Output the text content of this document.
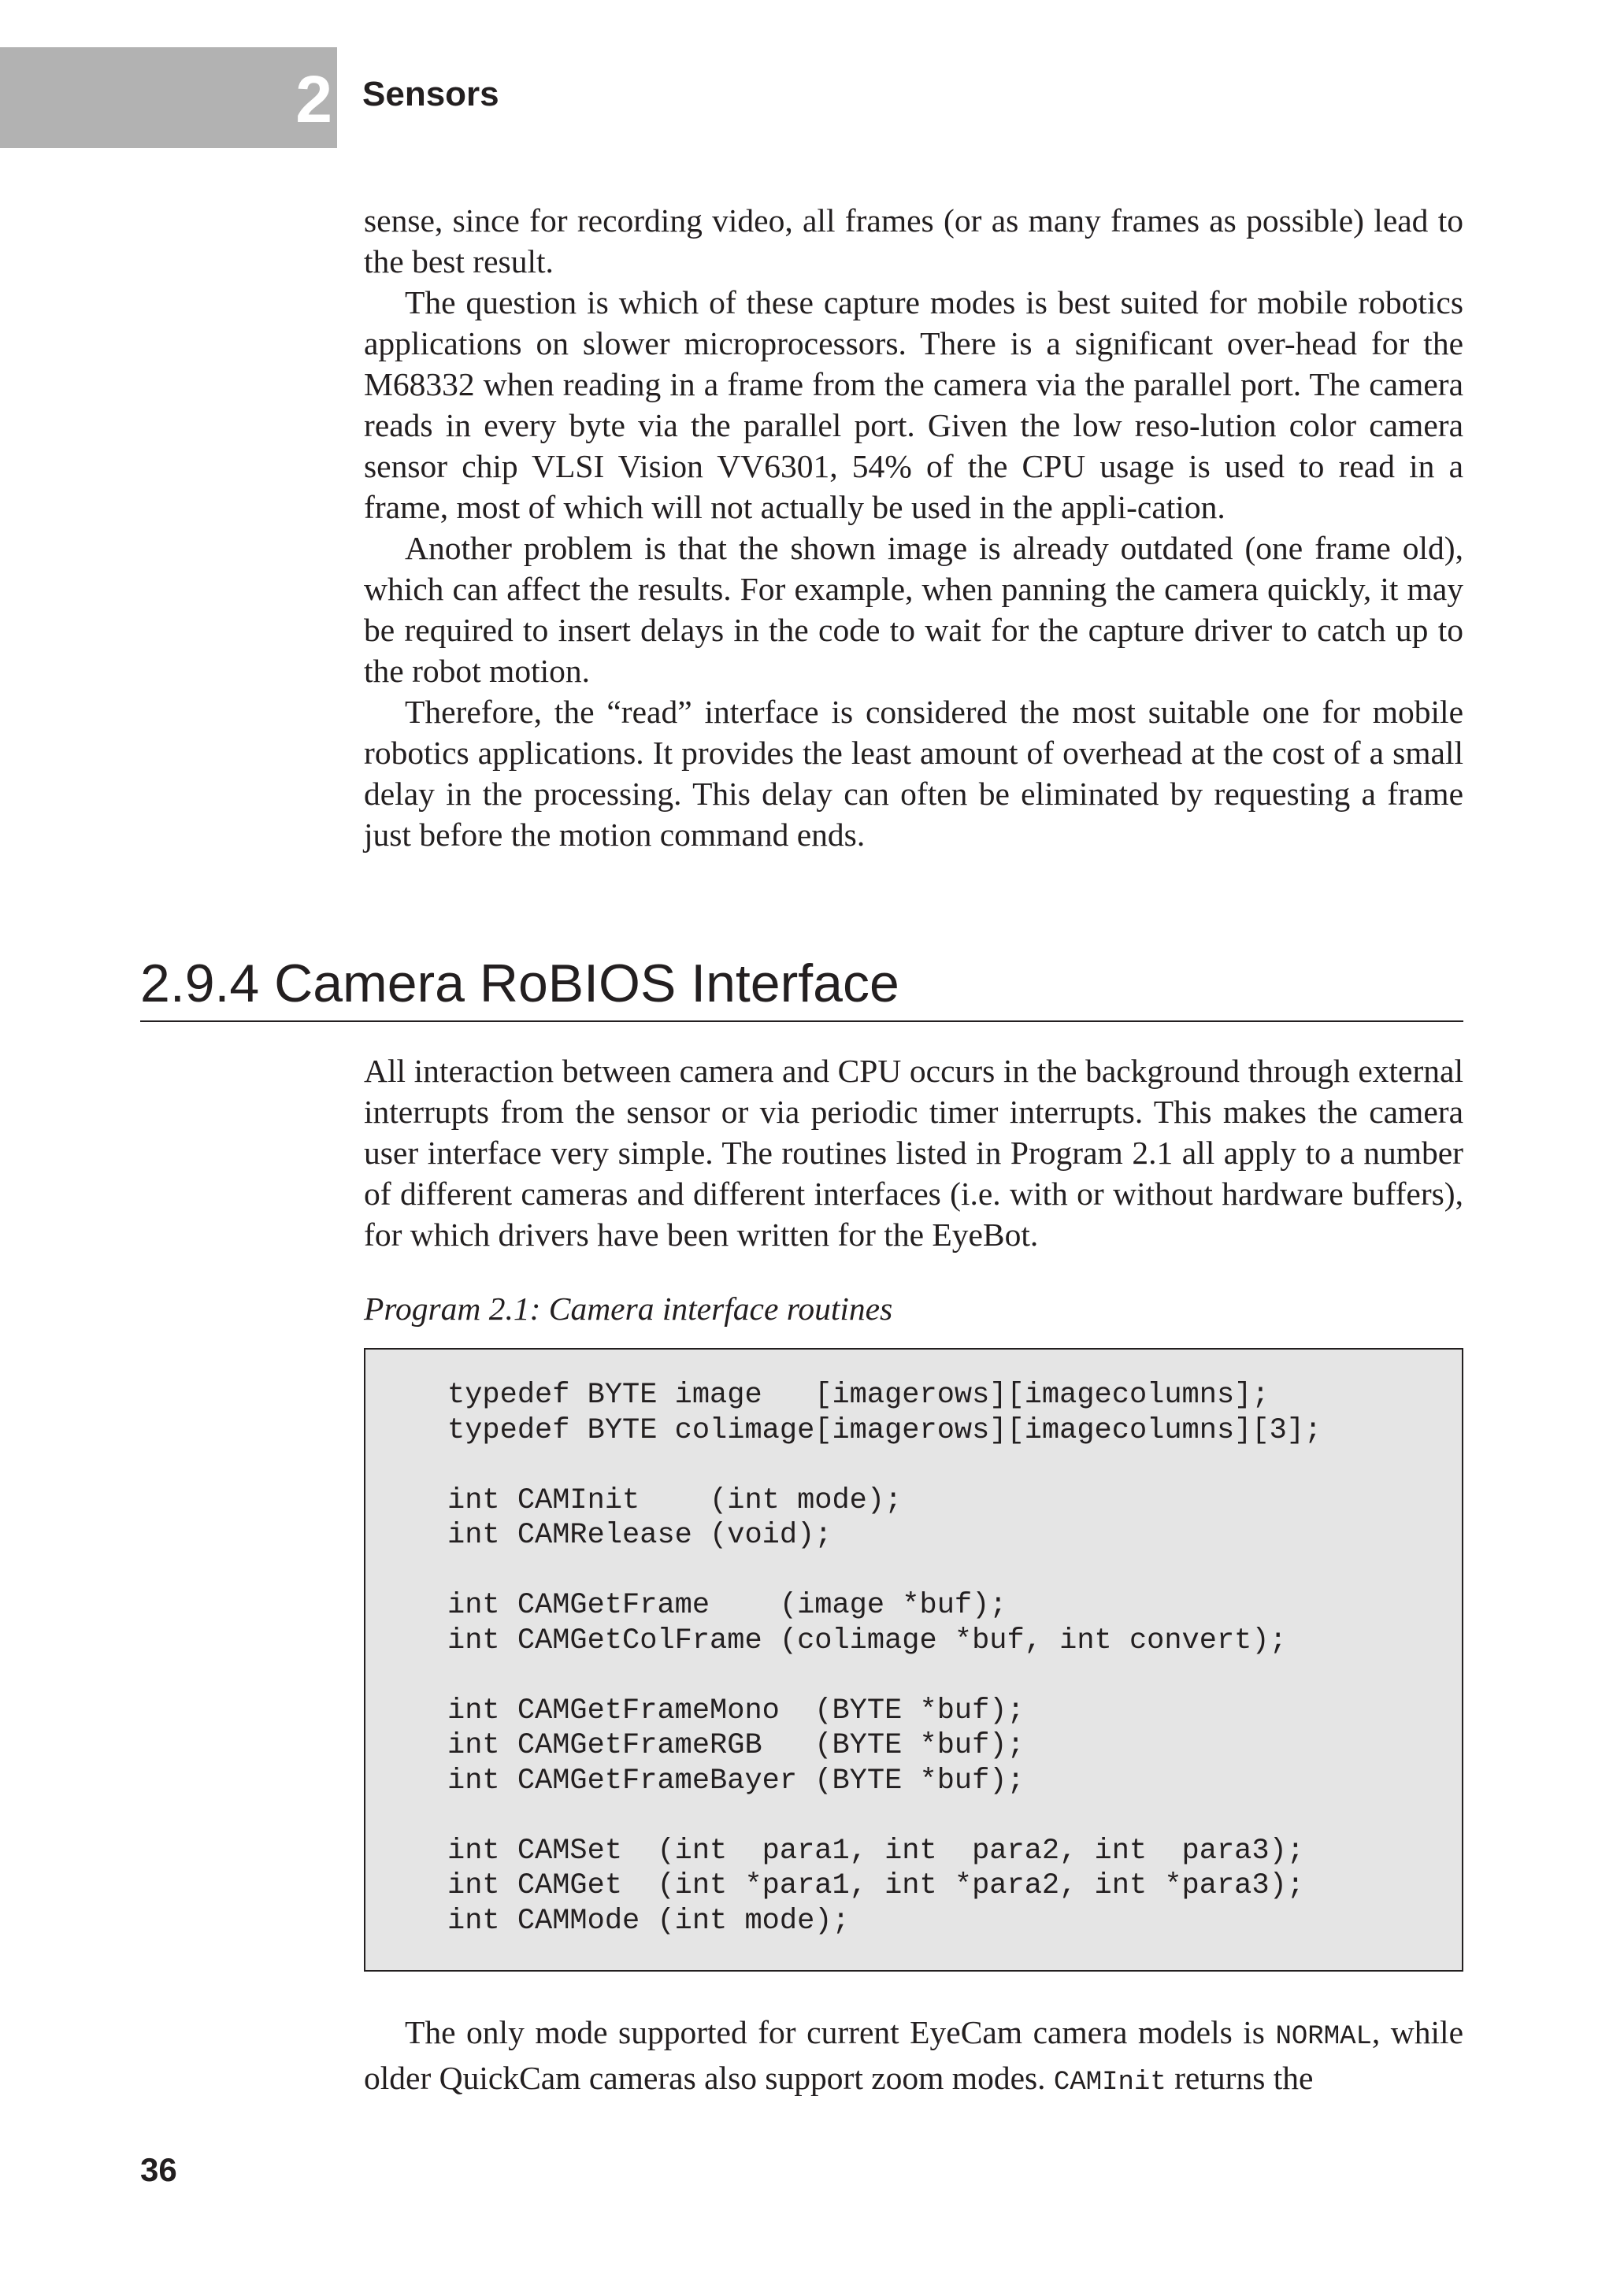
2 Sensors

sense, since for recording video, all frames (or as many frames as possible) lead to the best result.

The question is which of these capture modes is best suited for mobile robotics applications on slower microprocessors. There is a significant over-head for the M68332 when reading in a frame from the camera via the parallel port. The camera reads in every byte via the parallel port. Given the low reso-lution color camera sensor chip VLSI Vision VV6301, 54% of the CPU usage is used to read in a frame, most of which will not actually be used in the appli-cation.

Another problem is that the shown image is already outdated (one frame old), which can affect the results. For example, when panning the camera quickly, it may be required to insert delays in the code to wait for the capture driver to catch up to the robot motion.

Therefore, the “read” interface is considered the most suitable one for mobile robotics applications. It provides the least amount of overhead at the cost of a small delay in the processing. This delay can often be eliminated by requesting a frame just before the motion command ends.

2.9.4 Camera RoBIOS Interface

All interaction between camera and CPU occurs in the background through external interrupts from the sensor or via periodic timer interrupts. This makes the camera user interface very simple. The routines listed in Program 2.1 all apply to a number of different cameras and different interfaces (i.e. with or without hardware buffers), for which drivers have been written for the EyeBot.

Program 2.1: Camera interface routines
typedef BYTE image   [imagerows][imagecolumns];
typedef BYTE colimage[imagerows][imagecolumns][3];

int CAMInit    (int mode);
int CAMRelease (void);

int CAMGetFrame    (image *buf);
int CAMGetColFrame (colimage *buf, int convert);

int CAMGetFrameMono  (BYTE *buf);
int CAMGetFrameRGB   (BYTE *buf);
int CAMGetFrameBayer (BYTE *buf);

int CAMSet  (int  para1, int  para2, int  para3);
int CAMGet  (int *para1, int *para2, int *para3);
int CAMMode (int mode);

The only mode supported for current EyeCam camera models is NORMAL, while older QuickCam cameras also support zoom modes. CAMInit returns the

36
